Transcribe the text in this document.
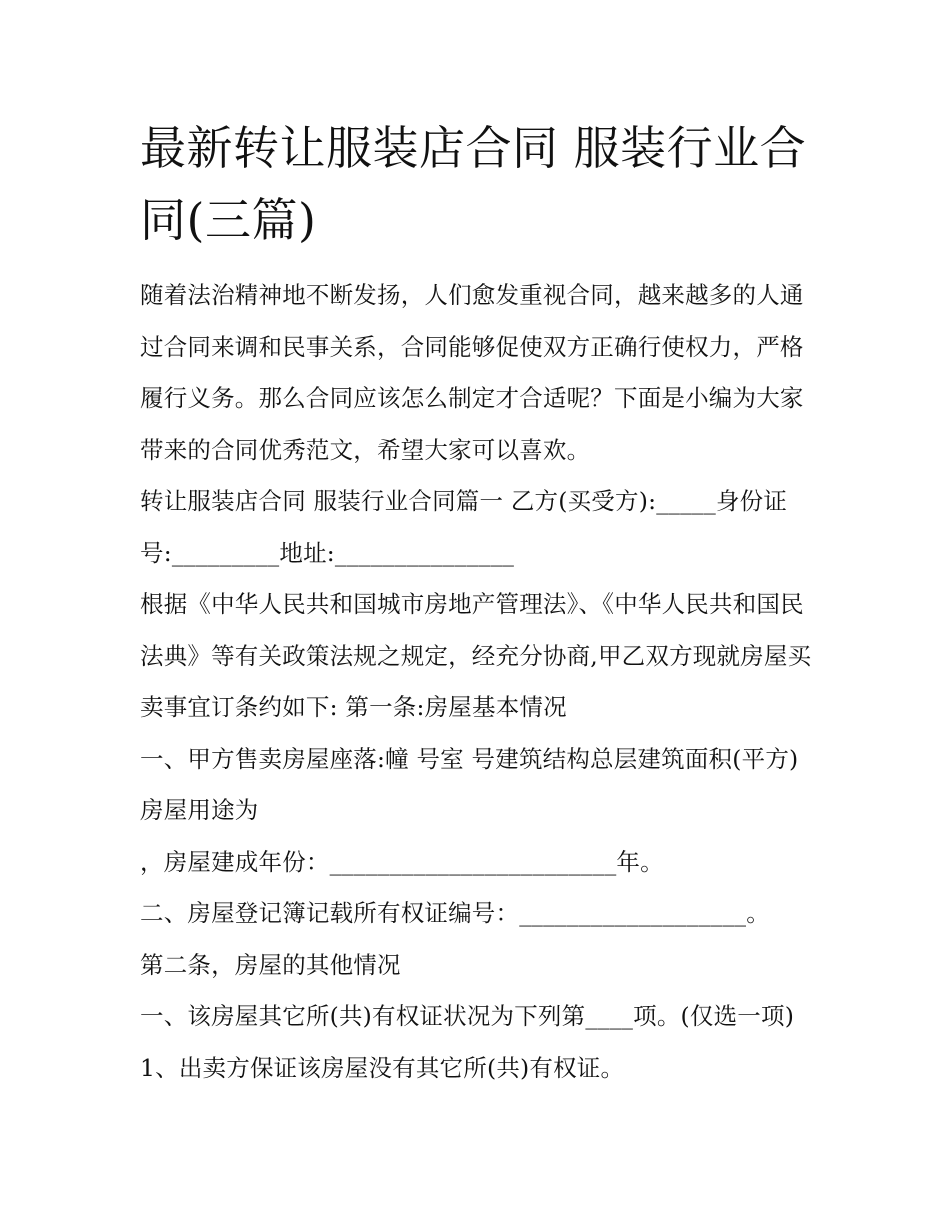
最新转让服装店合同 服装行业合同(三篇)

随着法治精神地不断发扬，人们愈发重视合同，越来越多的人通过合同来调和民事关系，合同能够促使双方正确行使权力，严格履行义务。那么合同应该怎么制定才合适呢？下面是小编为大家带来的合同优秀范文，希望大家可以喜欢。

转让服装店合同 服装行业合同篇一 乙方(买受方):_____身份证号:_________地址:_______________

根据《中华人民共和国城市房地产管理法》、《中华人民共和国民法典》等有关政策法规之规定，经充分协商,甲乙双方现就房屋买卖事宜订条约如下: 第一条:房屋基本情况

一、甲方售卖房屋座落:幢 号室 号建筑结构总层建筑面积(平方) 房屋用途为

，房屋建成年份：________________________年。

二、房屋登记簿记载所有权证编号：___________________。

第二条，房屋的其他情况

一、该房屋其它所(共)有权证状况为下列第____项。(仅选一项) 1、出卖方保证该房屋没有其它所(共)有权证。
